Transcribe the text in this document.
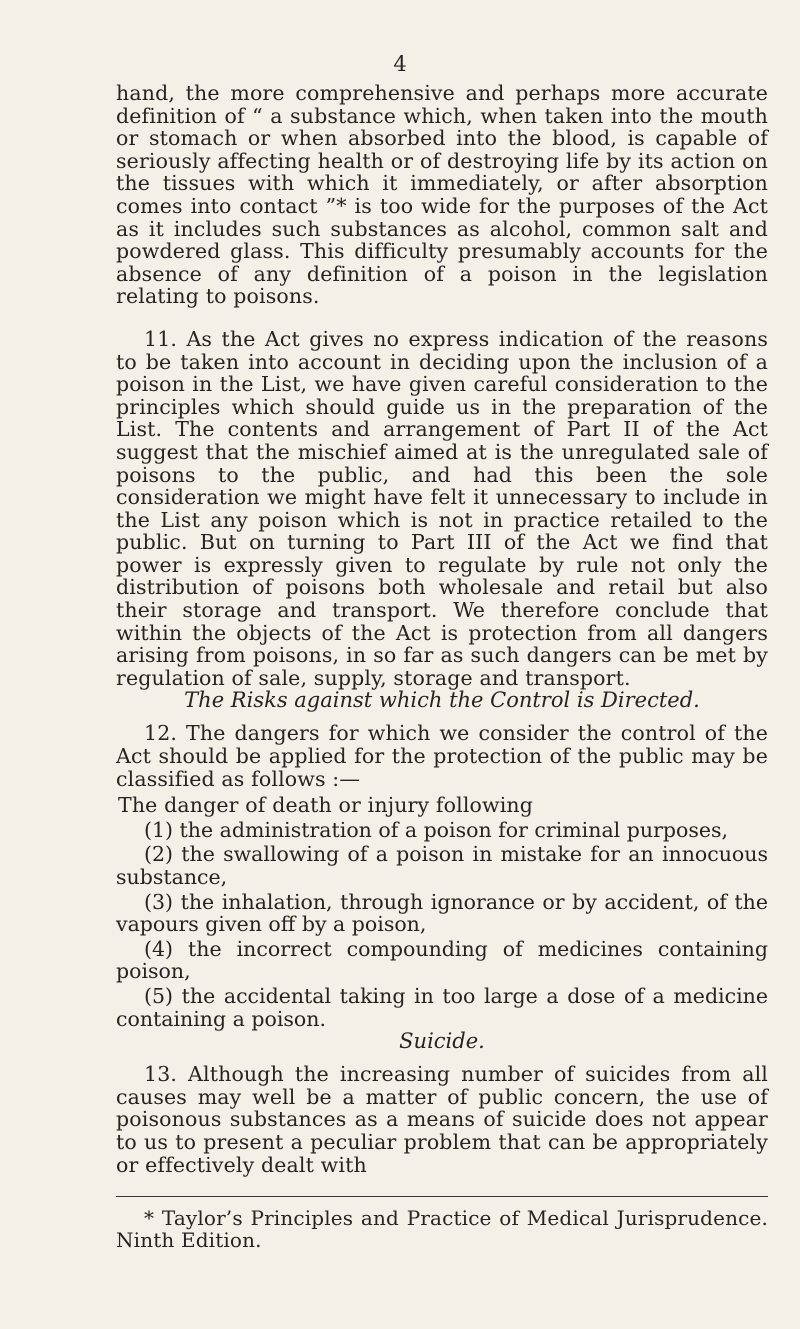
4

hand, the more comprehensive and perhaps more accurate definition of “ a substance which, when taken into the mouth or stomach or when absorbed into the blood, is capable of seriously affecting health or of destroying life by its action on the tissues with which it immediately, or after absorption comes into contact ”* is too wide for the purposes of the Act as it includes such substances as alcohol, common salt and powdered glass. This difficulty presumably accounts for the absence of any definition of a poison in the legislation relating to poisons.

11. As the Act gives no express indication of the reasons to be taken into account in deciding upon the inclusion of a poison in the List, we have given careful consideration to the principles which should guide us in the preparation of the List. The contents and arrangement of Part II of the Act suggest that the mischief aimed at is the unregulated sale of poisons to the public, and had this been the sole consideration we might have felt it unnecessary to include in the List any poison which is not in practice retailed to the public. But on turning to Part III of the Act we find that power is expressly given to regulate by rule not only the distribution of poisons both wholesale and retail but also their storage and transport. We therefore conclude that within the objects of the Act is protection from all dangers arising from poisons, in so far as such dangers can be met by regulation of sale, supply, storage and transport.

The Risks against which the Control is Directed.

12. The dangers for which we consider the control of the Act should be applied for the protection of the public may be classified as follows :—

The danger of death or injury following

(1) the administration of a poison for criminal purposes,
(2) the swallowing of a poison in mistake for an innocuous substance,
(3) the inhalation, through ignorance or by accident, of the vapours given off by a poison,
(4) the incorrect compounding of medicines containing poison,
(5) the accidental taking in too large a dose of a medicine containing a poison.
Suicide.

13. Although the increasing number of suicides from all causes may well be a matter of public concern, the use of poisonous substances as a means of suicide does not appear to us to present a peculiar problem that can be appropriately or effectively dealt with

* Taylor’s Principles and Practice of Medical Jurisprudence. Ninth Edition.
